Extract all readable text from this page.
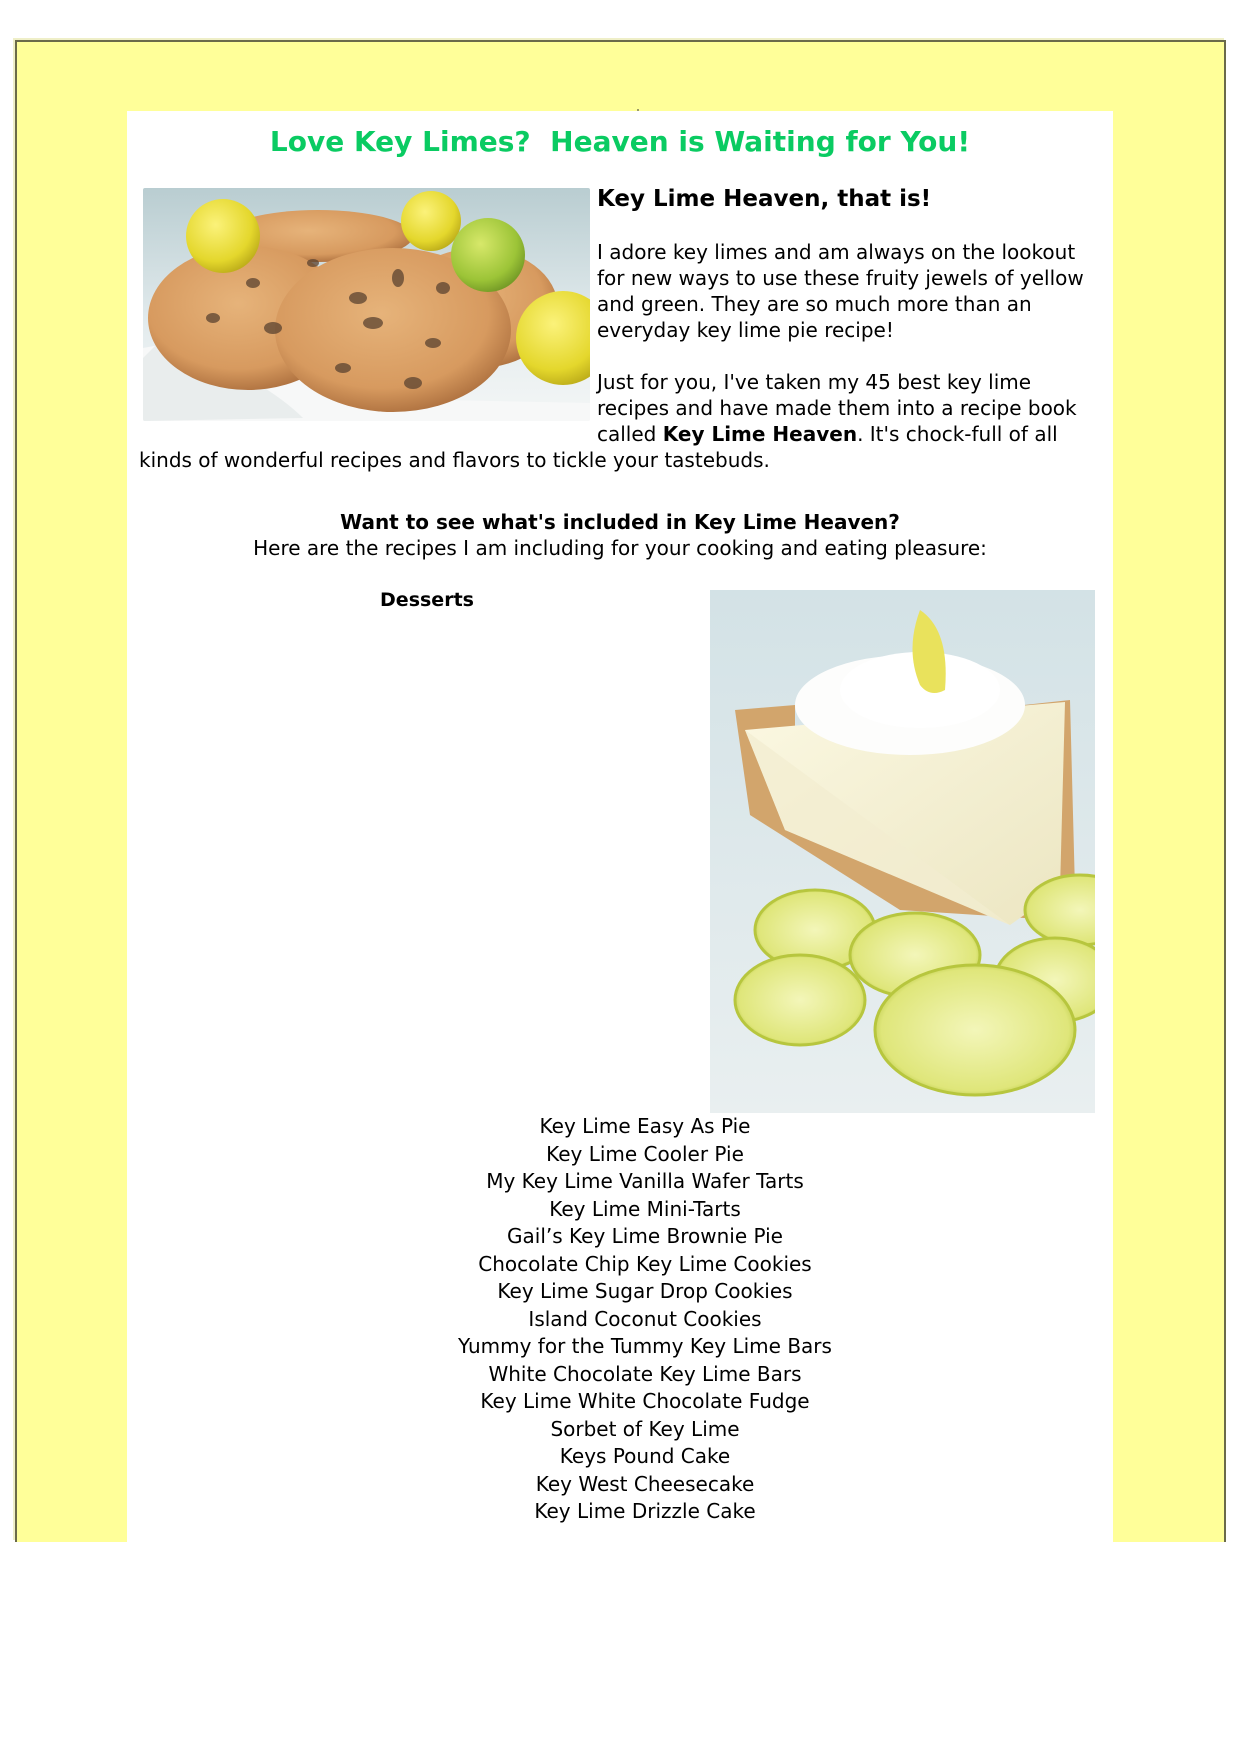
Love Key Limes?  Heaven is Waiting for You!
Key Lime Heaven, that is!

I adore key limes and am always on the lookout for new ways to use these fruity jewels of yellow and green. They are so much more than an everyday key lime pie recipe!

Just for you, I've taken my 45 best key lime recipes and have made them into a recipe book called Key Lime Heaven. It's chock-full of all kinds of wonderful recipes and flavors to tickle your tastebuds.

Want to see what's included in Key Lime Heaven?
Here are the recipes I am including for your cooking and eating pleasure:
Desserts
Key Lime Easy As Pie
Key Lime Cooler Pie
My Key Lime Vanilla Wafer Tarts
Key Lime Mini-Tarts
Gail’s Key Lime Brownie Pie
Chocolate Chip Key Lime Cookies
Key Lime Sugar Drop Cookies
Island Coconut Cookies
Yummy for the Tummy Key Lime Bars
White Chocolate Key Lime Bars
Key Lime White Chocolate Fudge
Sorbet of Key Lime
Keys Pound Cake
Key West Cheesecake
Key Lime Drizzle Cake
